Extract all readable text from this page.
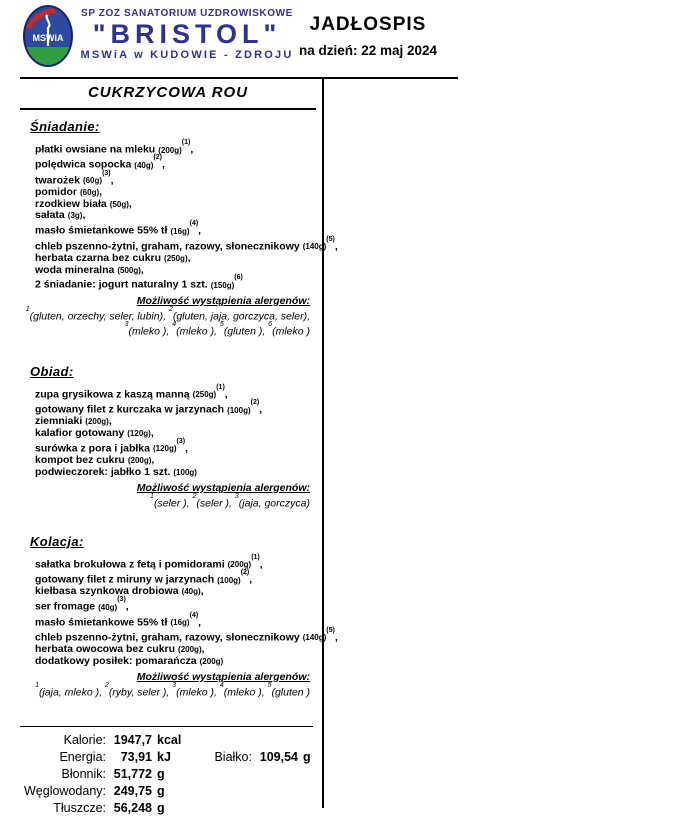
MSWiA
SP ZOZ SANATORIUM UZDROWISKOWE
"BRISTOL"
MSWiA w KUDOWIE - ZDROJU
JADŁOSPIS
na dzień: 22 maj 2024
CUKRZYCOWA ROU
Śniadanie:
płatki owsiane na mleku $(200g)^{(1)}$,
polędwica sopocka $(40g)^{(2)}$,
twarożek $(60g)^{(3)}$,
pomidor (60g),
rzodkiew biała (50g),
sałata (3g),
masło śmietankowe 55% tł $(16g)^{(4)}$,
chleb pszenno-żytni, graham, razowy, słonecznikowy $(140g)^{(5)}$,
herbata czarna bez cukru (250g),
woda mineralna (500g),
2 śniadanie: jogurt naturalny 1 szt. $(150g)^{(6)}$
Możliwość wystąpienia alergenów:
$^1$(gluten, orzechy, seler, lubin), $^2$(gluten, jaja, gorczyca, seler), $^3$(mleko ), $^4$(mleko ), $^5$(gluten ), $^6$(mleko )
Obiad:
zupa grysikowa z kaszą manną $(250g)^{(1)}$,
gotowany filet z kurczaka w jarzynach $(100g)^{(2)}$,
ziemniaki (200g),
kalafior gotowany (120g),
surówka z pora i jabłka $(120g)^{(3)}$,
kompot bez cukru (200g),
podwieczorek: jabłko 1 szt. (100g)
Możliwość wystąpienia alergenów:
$^1$(seler ), $^2$(seler ), $^3$(jaja, gorczyca)
Kolacja:
sałatka brokułowa z fetą i pomidorami $(200g)^{(1)}$,
gotowany filet z miruny w jarzynach $(100g)^{(2)}$,
kiełbasa szynkowa drobiowa (40g),
ser fromage $(40g)^{(3)}$,
masło śmietankowe 55% tł $(16g)^{(4)}$,
chleb pszenno-żytni, graham, razowy, słonecznikowy $(140g)^{(5)}$,
herbata owocowa bez cukru (200g),
dodatkowy posiłek: pomarańcza (200g)
Możliwość wystąpienia alergenów:
$^1$(jaja, mleko ), $^2$(ryby, seler ), $^3$(mleko ), $^4$(mleko ), $^5$(gluten )
Kalorie: 1947,7 kcal
Energia:	73,91 kJ	Białko: 109,54 g
Błonnik: 51,772 g
Węglowodany: 249,75 g
Tłuszcze: 56,248 g
